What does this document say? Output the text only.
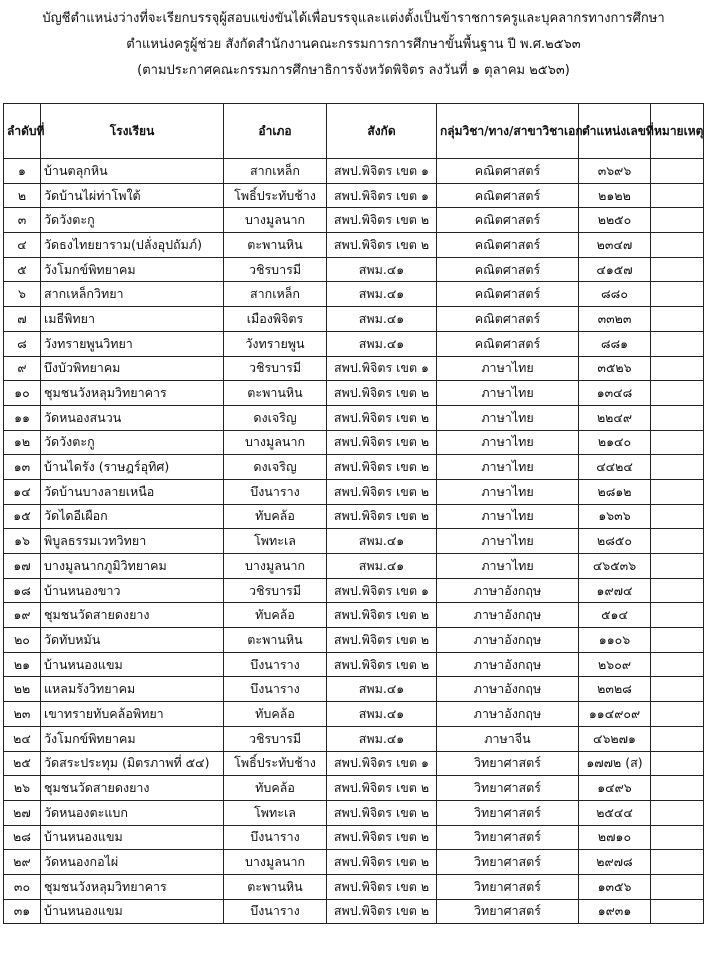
บัญชีตำแหน่งว่างที่จะเรียกบรรจุผู้สอบแข่งขันได้เพื่อบรรจุและแต่งตั้งเป็นข้าราชการครูและบุคลากรทางการศึกษา
ตำแหน่งครูผู้ช่วย สังกัดสำนักงานคณะกรรมการการศึกษาขั้นพื้นฐาน ปี พ.ศ.๒๕๖๓
(ตามประกาศคณะกรรมการศึกษาธิการจังหวัดพิจิตร ลงวันที่ ๑ ตุลาคม ๒๕๖๓)
ลำดับที่	โรงเรียน	อำเภอ	สังกัด	กลุ่มวิชา/ทาง/สาขาวิชาเอก	ตำแหน่งเลขที่	หมายเหตุ
๑	บ้านตลุกหิน	สากเหล็ก	สพป.พิจิตร เขต ๑	คณิตศาสตร์	๓๖๙๖	
๒	วัดบ้านไผ่ท่าโพใต้	โพธิ์ประทับช้าง	สพป.พิจิตร เขต ๑	คณิตศาสตร์	๒๑๒๒	
๓	วัดวังตะกู	บางมูลนาก	สพป.พิจิตร เขต ๒	คณิตศาสตร์	๒๒๕๐	
๔	วัดธงไทยยาราม(ปลั่งอุปถัมภ์)	ตะพานหิน	สพป.พิจิตร เขต ๒	คณิตศาสตร์	๒๓๔๗	
๕	วังโมกข์พิทยาคม	วชิรบารมี	สพม.๔๑	คณิตศาสตร์	๔๑๕๗	
๖	สากเหล็กวิทยา	สากเหล็ก	สพม.๔๑	คณิตศาสตร์	๘๘๐	
๗	เมธีพิทยา	เมืองพิจิตร	สพม.๔๑	คณิตศาสตร์	๓๓๒๓	
๘	วังทรายพูนวิทยา	วังทรายพูน	สพม.๔๑	คณิตศาสตร์	๘๘๑	
๙	บึงบัวพิทยาคม	วชิรบารมี	สพป.พิจิตร เขต ๑	ภาษาไทย	๓๕๒๖	
๑๐	ชุมชนวังหลุมวิทยาคาร	ตะพานหิน	สพป.พิจิตร เขต ๒	ภาษาไทย	๑๓๔๘	
๑๑	วัดหนองสนวน	ดงเจริญ	สพป.พิจิตร เขต ๒	ภาษาไทย	๒๒๔๙	
๑๒	วัดวังตะกู	บางมูลนาก	สพป.พิจิตร เขต ๒	ภาษาไทย	๒๑๔๐	
๑๓	บ้านไดรัง (ราษฎร์อุทิศ)	ดงเจริญ	สพป.พิจิตร เขต ๒	ภาษาไทย	๔๔๒๔	
๑๔	วัดบ้านบางลายเหนือ	บึงนาราง	สพป.พิจิตร เขต ๒	ภาษาไทย	๒๘๑๒	
๑๕	วัดไดอีเผือก	ทับคล้อ	สพป.พิจิตร เขต ๒	ภาษาไทย	๑๖๓๖	
๑๖	พิบูลธรรมเวทวิทยา	โพทะเล	สพม.๔๑	ภาษาไทย	๒๘๕๐	
๑๗	บางมูลนากภูมิวิทยาคม	บางมูลนาก	สพม.๔๑	ภาษาไทย	๔๖๕๓๖	
๑๘	บ้านหนองขาว	วชิรบารมี	สพป.พิจิตร เขต ๑	ภาษาอังกฤษ	๑๙๗๔	
๑๙	ชุมชนวัดสายดงยาง	ทับคล้อ	สพป.พิจิตร เขต ๒	ภาษาอังกฤษ	๕๑๔	
๒๐	วัดทับหมัน	ตะพานหิน	สพป.พิจิตร เขต ๒	ภาษาอังกฤษ	๑๑๐๖	
๒๑	บ้านหนองแขม	บึงนาราง	สพป.พิจิตร เขต ๒	ภาษาอังกฤษ	๒๖๐๙	
๒๒	แหลมรังวิทยาคม	บึงนาราง	สพม.๔๑	ภาษาอังกฤษ	๒๓๒๘	
๒๓	เขาทรายทับคล้อพิทยา	ทับคล้อ	สพม.๔๑	ภาษาอังกฤษ	๑๑๔๙๐๙	
๒๔	วังโมกข์พิทยาคม	วชิรบารมี	สพม.๔๑	ภาษาจีน	๔๖๒๗๑	
๒๕	วัดสระประทุม (มิตรภาพที่ ๕๔)	โพธิ์ประทับช้าง	สพป.พิจิตร เขต ๑	วิทยาศาสตร์	๑๗๗๒ (ส)	
๒๖	ชุมชนวัดสายดงยาง	ทับคล้อ	สพป.พิจิตร เขต ๒	วิทยาศาสตร์	๑๔๙๖	
๒๗	วัดหนองตะแบก	โพทะเล	สพป.พิจิตร เขต ๒	วิทยาศาสตร์	๒๕๔๔	
๒๘	บ้านหนองแขม	บึงนาราง	สพป.พิจิตร เขต ๒	วิทยาศาสตร์	๒๗๑๐	
๒๙	วัดหนองกอไผ่	บางมูลนาก	สพป.พิจิตร เขต ๒	วิทยาศาสตร์	๒๙๗๘	
๓๐	ชุมชนวังหลุมวิทยาคาร	ตะพานหิน	สพป.พิจิตร เขต ๒	วิทยาศาสตร์	๑๓๕๖	
๓๑	บ้านหนองแขม	บึงนาราง	สพป.พิจิตร เขต ๒	วิทยาศาสตร์	๑๙๓๑	
